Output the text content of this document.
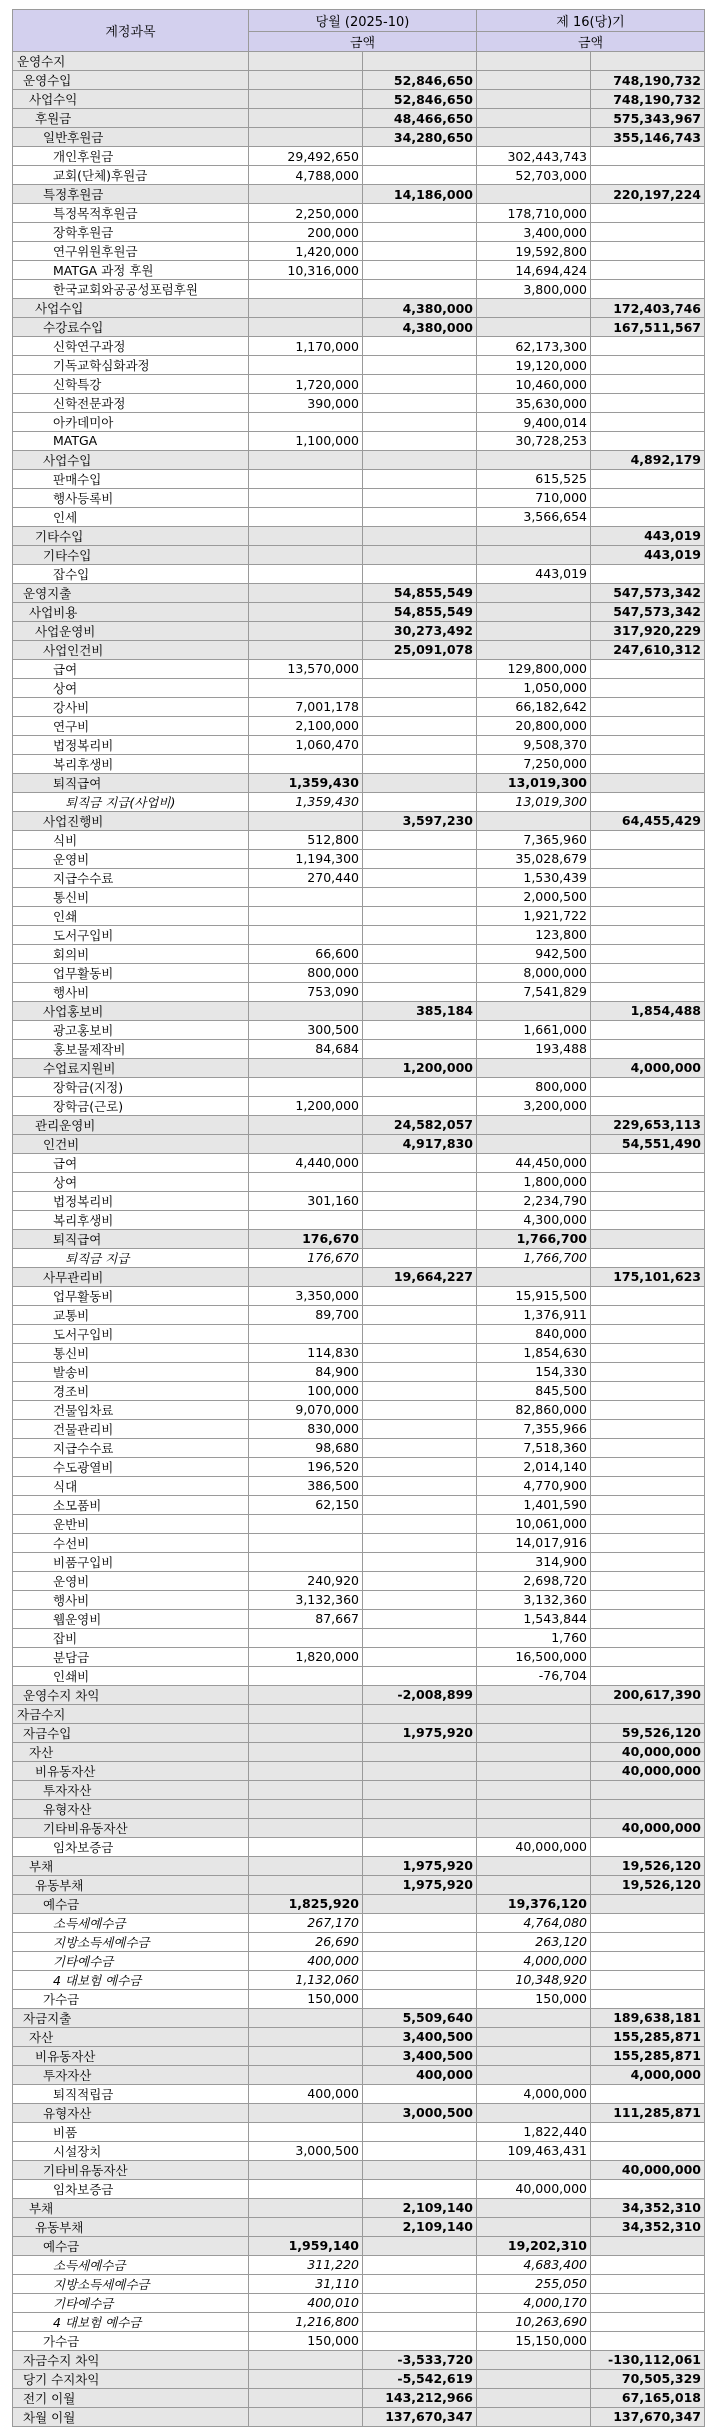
계정과목	당월 (2025-10)		제 16(당)기	
	금액		금액	
운영수지				
운영수입		52,846,650		748,190,732
사업수익		52,846,650		748,190,732
후원금		48,466,650		575,343,967
일반후원금		34,280,650		355,146,743
개인후원금	29,492,650		302,443,743	
교회(단체)후원금	4,788,000		52,703,000	
특정후원금		14,186,000		220,197,224
특정목적후원금	2,250,000		178,710,000	
장학후원금	200,000		3,400,000	
연구위원후원금	1,420,000		19,592,800	
MATGA 과정 후원	10,316,000		14,694,424	
한국교회와공공성포럼후원			3,800,000	
사업수입		4,380,000		172,403,746
수강료수입		4,380,000		167,511,567
신학연구과정	1,170,000		62,173,300	
기독교학심화과정			19,120,000	
신학특강	1,720,000		10,460,000	
신학전문과정	390,000		35,630,000	
아카데미아			9,400,014	
MATGA	1,100,000		30,728,253	
사업수입				4,892,179
판매수입			615,525	
행사등록비			710,000	
인세			3,566,654	
기타수입				443,019
기타수입				443,019
잡수입			443,019	
운영지출		54,855,549		547,573,342
사업비용		54,855,549		547,573,342
사업운영비		30,273,492		317,920,229
사업인건비		25,091,078		247,610,312
급여	13,570,000		129,800,000	
상여			1,050,000	
강사비	7,001,178		66,182,642	
연구비	2,100,000		20,800,000	
법정복리비	1,060,470		9,508,370	
복리후생비			7,250,000	
퇴직급여	1,359,430		13,019,300	
퇴직금 지급(사업비)	1,359,430		13,019,300	
사업진행비		3,597,230		64,455,429
식비	512,800		7,365,960	
운영비	1,194,300		35,028,679	
지급수수료	270,440		1,530,439	
통신비			2,000,500	
인쇄			1,921,722	
도서구입비			123,800	
회의비	66,600		942,500	
업무활동비	800,000		8,000,000	
행사비	753,090		7,541,829	
사업홍보비		385,184		1,854,488
광고홍보비	300,500		1,661,000	
홍보물제작비	84,684		193,488	
수업료지원비		1,200,000		4,000,000
장학금(지정)			800,000	
장학금(근로)	1,200,000		3,200,000	
관리운영비		24,582,057		229,653,113
인건비		4,917,830		54,551,490
급여	4,440,000		44,450,000	
상여			1,800,000	
법정복리비	301,160		2,234,790	
복리후생비			4,300,000	
퇴직급여	176,670		1,766,700	
퇴직금 지급	176,670		1,766,700	
사무관리비		19,664,227		175,101,623
업무활동비	3,350,000		15,915,500	
교통비	89,700		1,376,911	
도서구입비			840,000	
통신비	114,830		1,854,630	
발송비	84,900		154,330	
경조비	100,000		845,500	
건물임차료	9,070,000		82,860,000	
건물관리비	830,000		7,355,966	
지급수수료	98,680		7,518,360	
수도광열비	196,520		2,014,140	
식대	386,500		4,770,900	
소모품비	62,150		1,401,590	
운반비			10,061,000	
수선비			14,017,916	
비품구입비			314,900	
운영비	240,920		2,698,720	
행사비	3,132,360		3,132,360	
웹운영비	87,667		1,543,844	
잡비			1,760	
분담금	1,820,000		16,500,000	
인쇄비			-76,704	
운영수지 차익		-2,008,899		200,617,390
자금수지				
자금수입		1,975,920		59,526,120
자산				40,000,000
비유동자산				40,000,000
투자자산				
유형자산				
기타비유동자산				40,000,000
임차보증금			40,000,000	
부채		1,975,920		19,526,120
유동부채		1,975,920		19,526,120
예수금	1,825,920		19,376,120	
소득세예수금	267,170		4,764,080	
지방소득세예수금	26,690		263,120	
기타예수금	400,000		4,000,000	
4 대보험 예수금	1,132,060		10,348,920	
가수금	150,000		150,000	
자금지출		5,509,640		189,638,181
자산		3,400,500		155,285,871
비유동자산		3,400,500		155,285,871
투자자산		400,000		4,000,000
퇴직적립금	400,000		4,000,000	
유형자산		3,000,500		111,285,871
비품			1,822,440	
시설장치	3,000,500		109,463,431	
기타비유동자산				40,000,000
임차보증금			40,000,000	
부채		2,109,140		34,352,310
유동부채		2,109,140		34,352,310
예수금	1,959,140		19,202,310	
소득세예수금	311,220		4,683,400	
지방소득세예수금	31,110		255,050	
기타예수금	400,010		4,000,170	
4 대보험 예수금	1,216,800		10,263,690	
가수금	150,000		15,150,000	
자금수지 차익		-3,533,720		-130,112,061
당기 수지차익		-5,542,619		70,505,329
전기 이월		143,212,966		67,165,018
차월 이월		137,670,347		137,670,347
